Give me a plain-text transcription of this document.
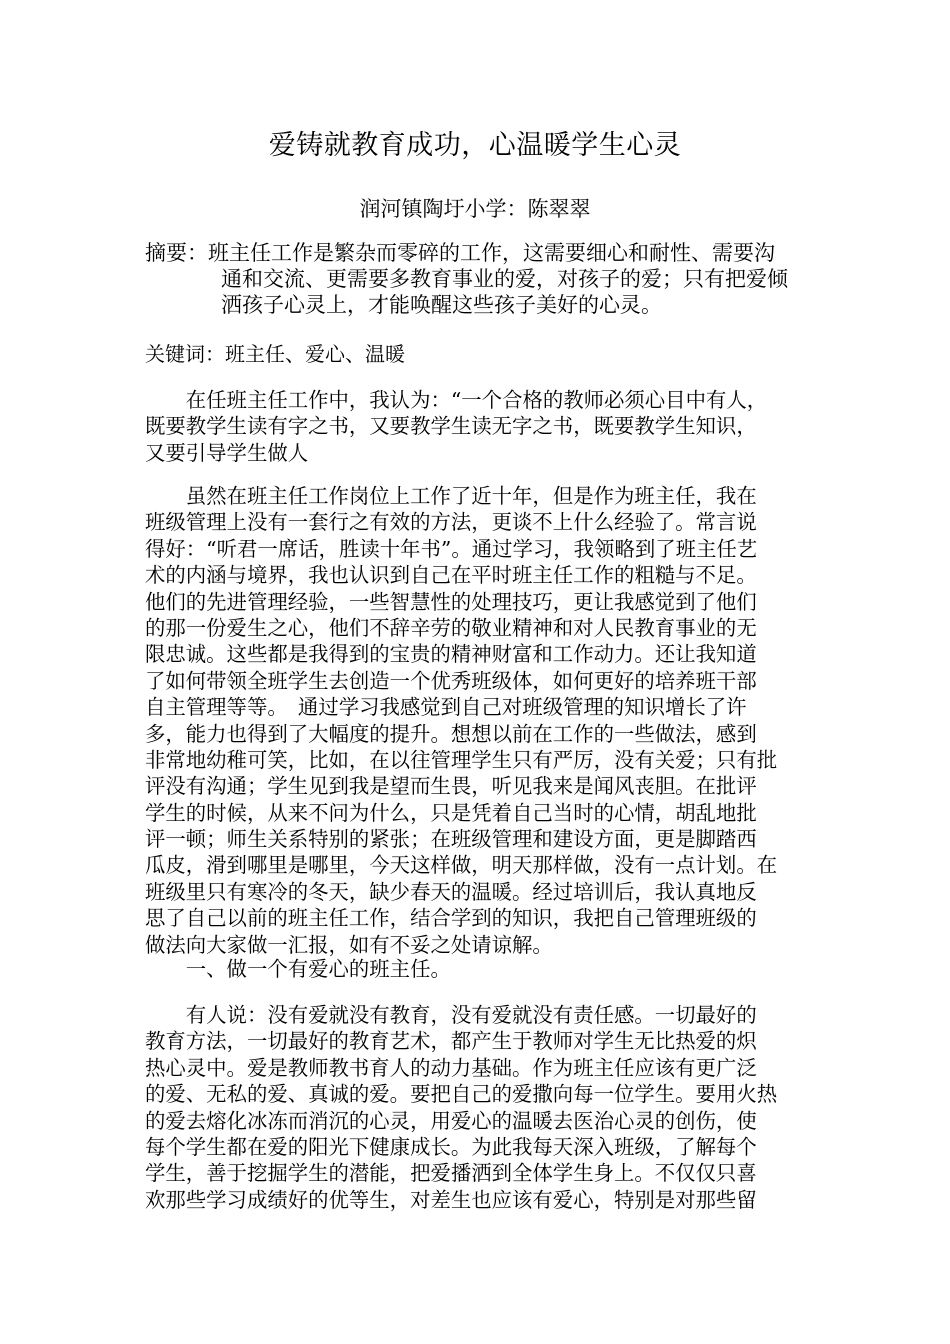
爱铸就教育成功，心温暖学生心灵
润河镇陶圩小学：陈翠翠
摘要：班主任工作是繁杂而零碎的工作，这需要细心和耐性、需要沟
通和交流、更需要多教育事业的爱，对孩子的爱；只有把爱倾
洒孩子心灵上，才能唤醒这些孩子美好的心灵。
关键词：班主任、爱心、温暖
　　在任班主任工作中，我认为：“一个合格的教师必须心目中有人，
既要教学生读有字之书，又要教学生读无字之书，既要教学生知识，
又要引导学生做人
　　虽然在班主任工作岗位上工作了近十年，但是作为班主任，我在
班级管理上没有一套行之有效的方法，更谈不上什么经验了。常言说
得好：“听君一席话，胜读十年书”。通过学习，我领略到了班主任艺
术的内涵与境界，我也认识到自己在平时班主任工作的粗糙与不足。
他们的先进管理经验，一些智慧性的处理技巧，更让我感觉到了他们
的那一份爱生之心，他们不辞辛劳的敬业精神和对人民教育事业的无
限忠诚。这些都是我得到的宝贵的精神财富和工作动力。还让我知道
了如何带领全班学生去创造一个优秀班级体，如何更好的培养班干部
自主管理等等。　通过学习我感觉到自己对班级管理的知识增长了许
多，能力也得到了大幅度的提升。想想以前在工作的一些做法，感到
非常地幼稚可笑，比如，在以往管理学生只有严厉，没有关爱；只有批
评没有沟通；学生见到我是望而生畏，听见我来是闻风丧胆。在批评
学生的时候，从来不问为什么，只是凭着自己当时的心情，胡乱地批
评一顿；师生关系特别的紧张；在班级管理和建设方面，更是脚踏西
瓜皮，滑到哪里是哪里，今天这样做，明天那样做，没有一点计划。在
班级里只有寒冷的冬天，缺少春天的温暖。经过培训后，我认真地反
思了自己以前的班主任工作，结合学到的知识，我把自己管理班级的
做法向大家做一汇报，如有不妥之处请谅解。
　　一、做一个有爱心的班主任。
　　有人说：没有爱就没有教育，没有爱就没有责任感。一切最好的
教育方法，一切最好的教育艺术，都产生于教师对学生无比热爱的炽
热心灵中。爱是教师教书育人的动力基础。作为班主任应该有更广泛
的爱、无私的爱、真诚的爱。要把自己的爱撒向每一位学生。要用火热
的爱去熔化冰冻而消沉的心灵，用爱心的温暖去医治心灵的创伤，使
每个学生都在爱的阳光下健康成长。为此我每天深入班级，了解每个
学生，善于挖掘学生的潜能，把爱播洒到全体学生身上。不仅仅只喜
欢那些学习成绩好的优等生，对差生也应该有爱心，特别是对那些留
